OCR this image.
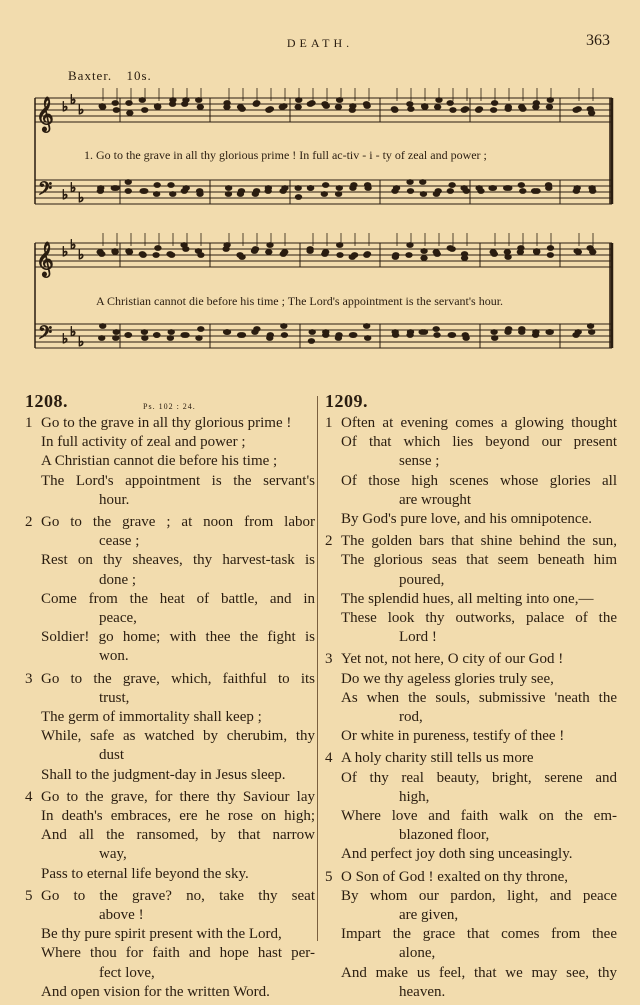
DEATH.	363
Baxter. 10s.
𝄞
𝄢
♭ ♭
♭
♭ ♭
♭
𝄞
𝄢
♭ ♭
♭
♭ ♭
♭
1. Go to the grave in all thy glorious prime ! In full ac-tiv - i - ty of zeal and power ;
A Christian cannot die before his time ; The Lord's appointment is the servant's hour.
1208.	Ps. 102 : 24.
1 Go to the grave in all thy glorious prime !
In full activity of zeal and power ;
A Christian cannot die before his time ;
The Lord's appointment is the servant's
hour.
2 Go to the grave ; at noon from labor
cease ;
Rest on thy sheaves, thy harvest-task is
done ;
Come from the heat of battle, and in
peace,
Soldier! go home; with thee the fight is
won.
3 Go to the grave, which, faithful to its
trust,
The germ of immortality shall keep ;
While, safe as watched by cherubim, thy
dust
Shall to the judgment-day in Jesus sleep.
4 Go to the grave, for there thy Saviour lay
In death's embraces, ere he rose on high;
And all the ransomed, by that narrow
way,
Pass to eternal life beyond the sky.
5 Go to the grave? no, take thy seat
above !
Be thy pure spirit present with the Lord,
Where thou for faith and hope hast per-
fect love,
And open vision for the written Word.
1209.
1 Often at evening comes a glowing thought
Of that which lies beyond our present
sense ;
Of those high scenes whose glories all
are wrought
By God's pure love, and his omnipotence.
2 The golden bars that shine behind the sun,
The glorious seas that seem beneath him
poured,
The splendid hues, all melting into one,—
These look thy outworks, palace of the
Lord !
3 Yet not, not here, O city of our God !
Do we thy ageless glories truly see,
As when the souls, submissive 'neath the
rod,
Or white in pureness, testify of thee !
4 A holy charity still tells us more
Of thy real beauty, bright, serene and
high,
Where love and faith walk on the em-
blazoned floor,
And perfect joy doth sing unceasingly.
5 O Son of God ! exalted on thy throne,
By whom our pardon, light, and peace
are given,
Impart the grace that comes from thee
alone,
And make us feel, that we may see, thy
heaven.
